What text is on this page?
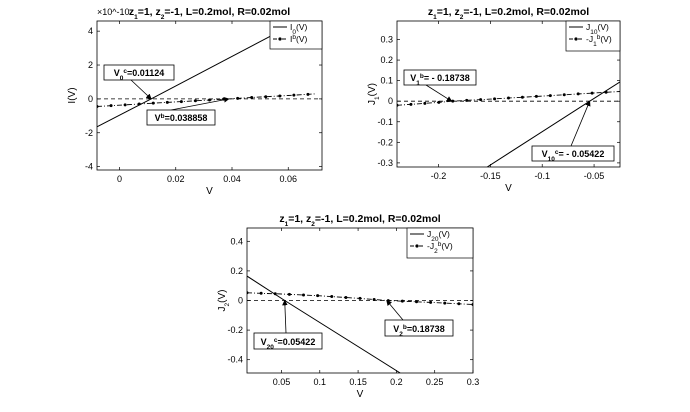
$z_1=1$, $z_2=-1$, L=0.2mol, R=0.02mol
0	0.02	0.04	0.06
-4
-2
0
2
4
V
I(V)
×10^-10
$I_0(V)$
$I^b(V)$
$V_0^c=0.01124$
$V^b=0.038858$
$z_1=1$, $z_2=-1$, L=0.2mol, R=0.02mol
-0.2	-0.15	-0.1	-0.05
-0.3
-0.2
-0.1
0
0.1
0.2
0.3
V
$J_1(V)$
$J_{10}(V)$
$-J_1^b(V)$
$V_1^b= - 0.18738$
$V_{10}^c= - 0.05422$
$z_1=1$, $z_2=-1$, L=0.2mol, R=0.02mol
0.05	0.1	0.15	0.2	0.25	0.3
-0.4
-0.2
0
0.2
0.4
V
$J_2(V)$
$J_{20}(V)$
$-J_2^b(V)$
$V_{20}^c=0.05422$
$V_2^b=0.18738$
